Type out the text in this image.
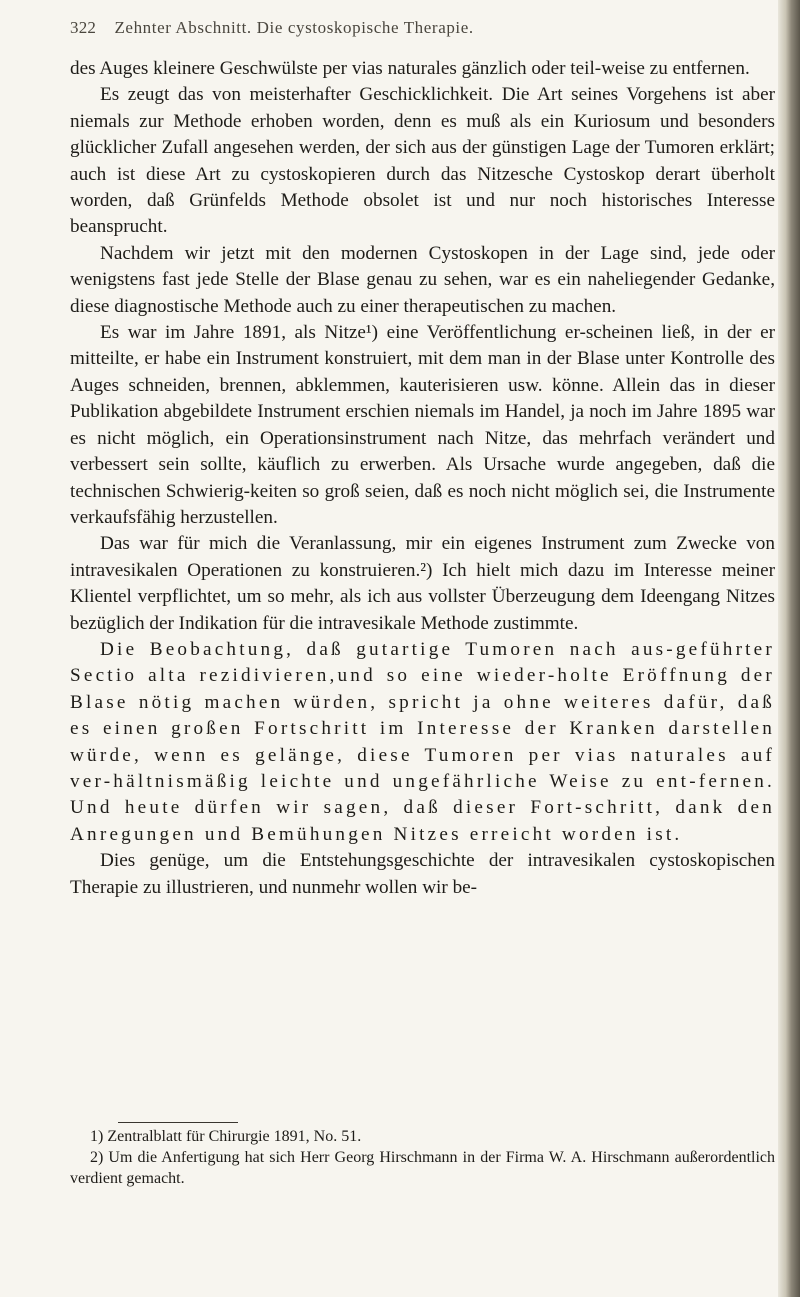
322 Zehnter Abschnitt. Die cystoskopische Therapie.

des Auges kleinere Geschwülste per vias naturales gänzlich oder teil-weise zu entfernen.

Es zeugt das von meisterhafter Geschicklichkeit. Die Art seines Vorgehens ist aber niemals zur Methode erhoben worden, denn es muß als ein Kuriosum und besonders glücklicher Zufall angesehen werden, der sich aus der günstigen Lage der Tumoren erklärt; auch ist diese Art zu cystoskopieren durch das Nitzesche Cystoskop derart überholt worden, daß Grünfelds Methode obsolet ist und nur noch historisches Interesse beansprucht.

Nachdem wir jetzt mit den modernen Cystoskopen in der Lage sind, jede oder wenigstens fast jede Stelle der Blase genau zu sehen, war es ein naheliegender Gedanke, diese diagnostische Methode auch zu einer therapeutischen zu machen.

Es war im Jahre 1891, als Nitze¹) eine Veröffentlichung er-scheinen ließ, in der er mitteilte, er habe ein Instrument konstruiert, mit dem man in der Blase unter Kontrolle des Auges schneiden, brennen, abklemmen, kauterisieren usw. könne. Allein das in dieser Publikation abgebildete Instrument erschien niemals im Handel, ja noch im Jahre 1895 war es nicht möglich, ein Operationsinstrument nach Nitze, das mehrfach verändert und verbessert sein sollte, käuflich zu erwerben. Als Ursache wurde angegeben, daß die technischen Schwierig-keiten so groß seien, daß es noch nicht möglich sei, die Instrumente verkaufsfähig herzustellen.

Das war für mich die Veranlassung, mir ein eigenes Instrument zum Zwecke von intravesikalen Operationen zu konstruieren.²) Ich hielt mich dazu im Interesse meiner Klientel verpflichtet, um so mehr, als ich aus vollster Überzeugung dem Ideengang Nitzes bezüglich der Indikation für die intravesikale Methode zustimmte.

Die Beobachtung, daß gutartige Tumoren nach aus-geführter Sectio alta rezidivieren,und so eine wieder-holte Eröffnung der Blase nötig machen würden, spricht ja ohne weiteres dafür, daß es einen großen Fortschritt im Interesse der Kranken darstellen würde, wenn es gelänge, diese Tumoren per vias naturales auf ver-hältnismäßig leichte und ungefährliche Weise zu ent-fernen. Und heute dürfen wir sagen, daß dieser Fort-schritt, dank den Anregungen und Bemühungen Nitzes erreicht worden ist.

Dies genüge, um die Entstehungsgeschichte der intravesikalen cystoskopischen Therapie zu illustrieren, und nunmehr wollen wir be-

1) Zentralblatt für Chirurgie 1891, No. 51.

2) Um die Anfertigung hat sich Herr Georg Hirschmann in der Firma W. A. Hirschmann außerordentlich verdient gemacht.
